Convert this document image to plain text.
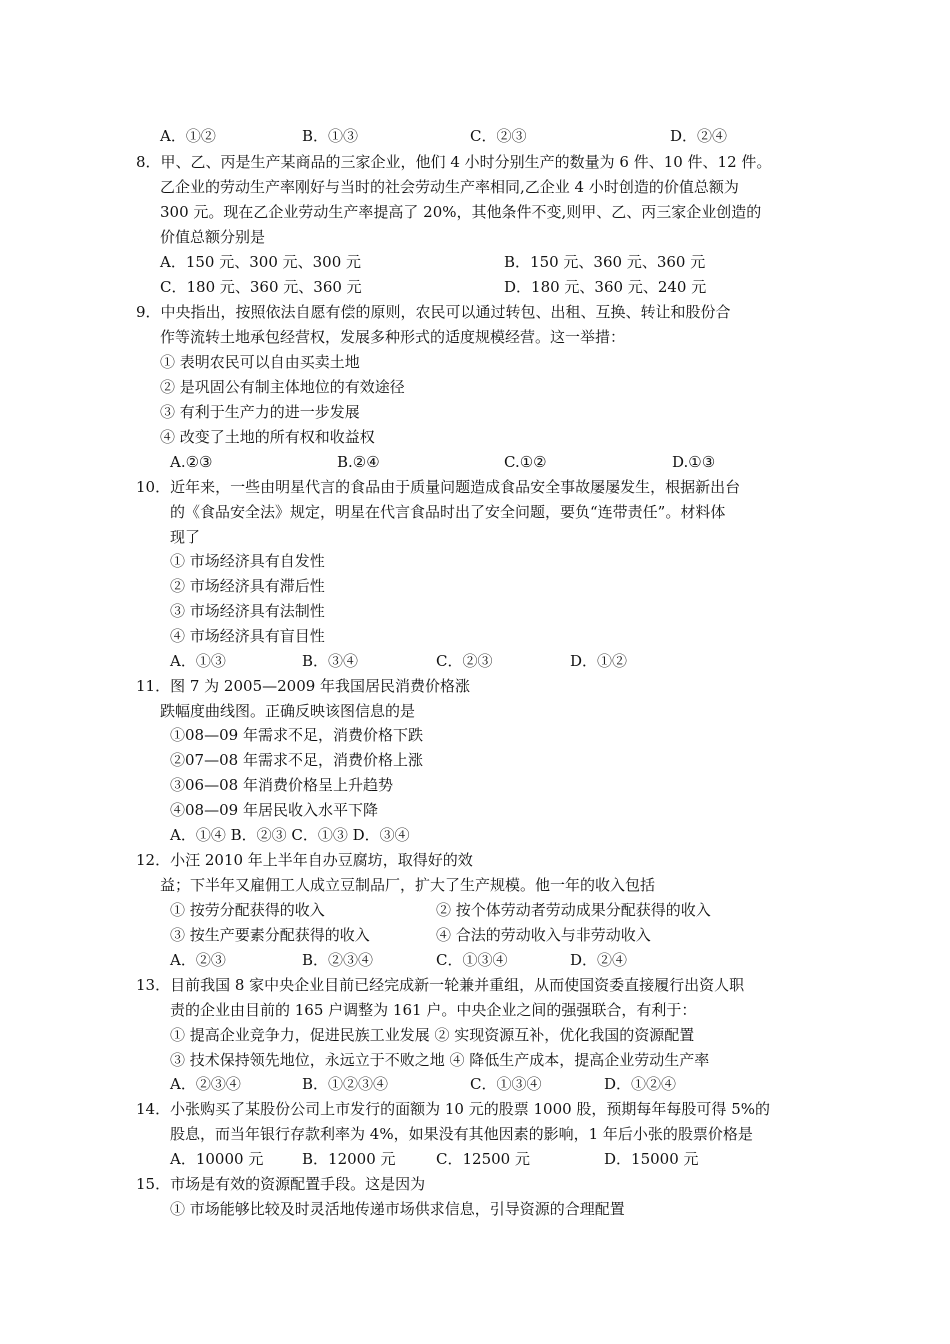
A．①②	B．①③	C．②③	D．②④
8．甲、乙、丙是生产某商品的三家企业，他们 4 小时分别生产的数量为 6 件、10 件、12 件。
乙企业的劳动生产率刚好与当时的社会劳动生产率相同,乙企业 4 小时创造的价值总额为
300 元。现在乙企业劳动生产率提高了 20%，其他条件不变,则甲、乙、丙三家企业创造的
价值总额分别是
A．150 元、300 元、300 元	B．150 元、360 元、360 元
C．180 元、360 元、360 元	D．180 元、360 元、240 元
9．中央指出，按照依法自愿有偿的原则，农民可以通过转包、出租、互换、转让和股份合
作等流转土地承包经营权，发展多种形式的适度规模经营。这一举措：
① 表明农民可以自由买卖土地
② 是巩固公有制主体地位的有效途径
③ 有利于生产力的进一步发展
④ 改变了土地的所有权和收益权
A.②③	B.②④	C.①②	D.①③
10．近年来，一些由明星代言的食品由于质量问题造成食品安全事故屡屡发生，根据新出台
的《食品安全法》规定，明星在代言食品时出了安全问题，要负“连带责任”。材料体
现了
① 市场经济具有自发性
② 市场经济具有滞后性
③ 市场经济具有法制性
④ 市场经济具有盲目性
A．①③	B．③④	C．②③	D．①②
11．图 7 为 2005—2009 年我国居民消费价格涨
跌幅度曲线图。正确反映该图信息的是
①08—09 年需求不足，消费价格下跌
②07—08 年需求不足，消费价格上涨
③06—08 年消费价格呈上升趋势
④08—09 年居民收入水平下降
A．①④ B．②③ C．①③ D．③④
12．小汪 2010 年上半年自办豆腐坊，取得好的效
益；下半年又雇佣工人成立豆制品厂，扩大了生产规模。他一年的收入包括
① 按劳分配获得的收入	② 按个体劳动者劳动成果分配获得的收入
③ 按生产要素分配获得的收入	④ 合法的劳动收入与非劳动收入
A．②③	B．②③④	C．①③④	D．②④
13．目前我国 8 家中央企业目前已经完成新一轮兼并重组，从而使国资委直接履行出资人职
责的企业由目前的 165 户调整为 161 户。中央企业之间的强强联合，有利于：
① 提高企业竞争力，促进民族工业发展 ② 实现资源互补，优化我国的资源配置
③ 技术保持领先地位，永远立于不败之地 ④ 降低生产成本，提高企业劳动生产率
A．②③④	B．①②③④	C．①③④	D．①②④
14．小张购买了某股份公司上市发行的面额为 10 元的股票 1000 股，预期每年每股可得 5%的
股息，而当年银行存款利率为 4%，如果没有其他因素的影响，1 年后小张的股票价格是
A．10000 元	B．12000 元	C．12500 元	D．15000 元
15．市场是有效的资源配置手段。这是因为
① 市场能够比较及时灵活地传递市场供求信息，引导资源的合理配置
